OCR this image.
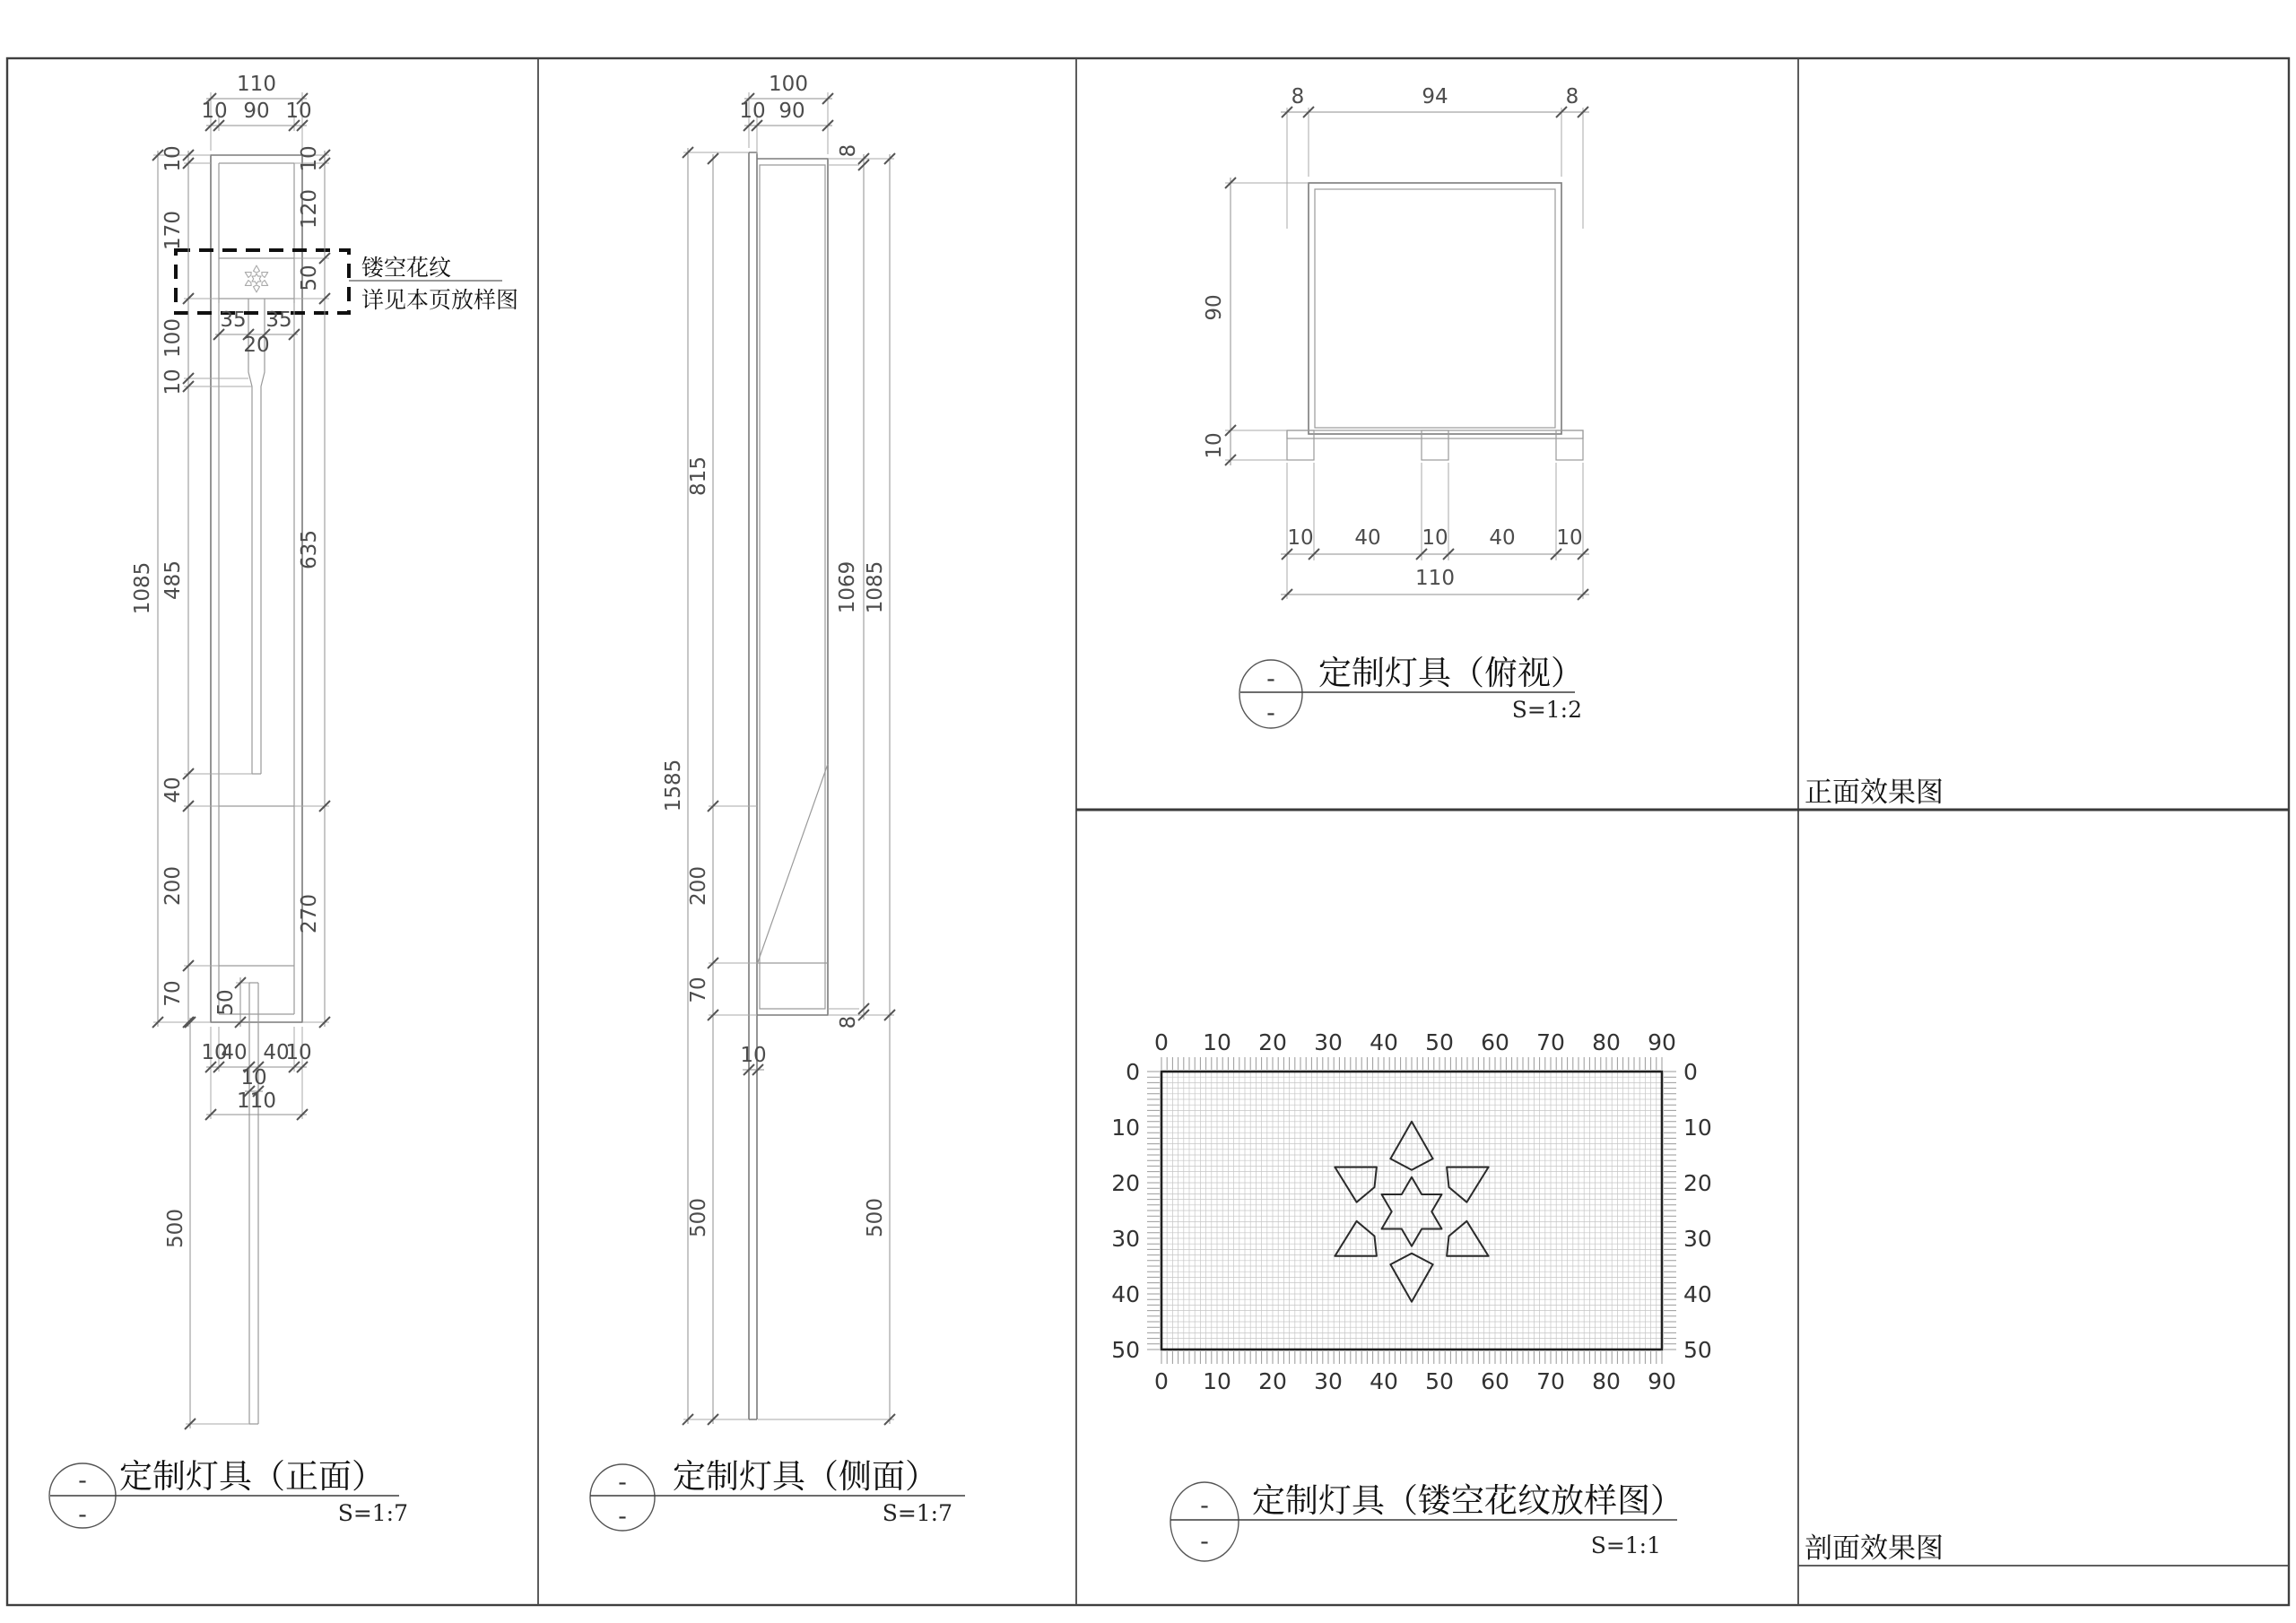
110
10 90 10
10
170
100
10
485
40
200
70
1085
10
120
50
635
270
35 35
20
50
10
40 40
10
10
110
500
镂空花纹
详见本页放样图
100
10 90
8
1069 1085
8
500
815
200
70
1585
500
10
8	94	8
90
10
10 40 10 40 10
110
0
0
10
10
20
20
30
30
40
40
50
50
60
60
70
70
80
80
90
90
0	0
10	10
20	20
30	30
40	40
50	50
-
-
定制灯具（正面）
S=1:7
-
-
定制灯具（侧面）
S=1:7
-
-
定制灯具（俯视）
S=1:2
-
-
定制灯具（镂空花纹放样图）
S=1:1
正面效果图
剖面效果图
